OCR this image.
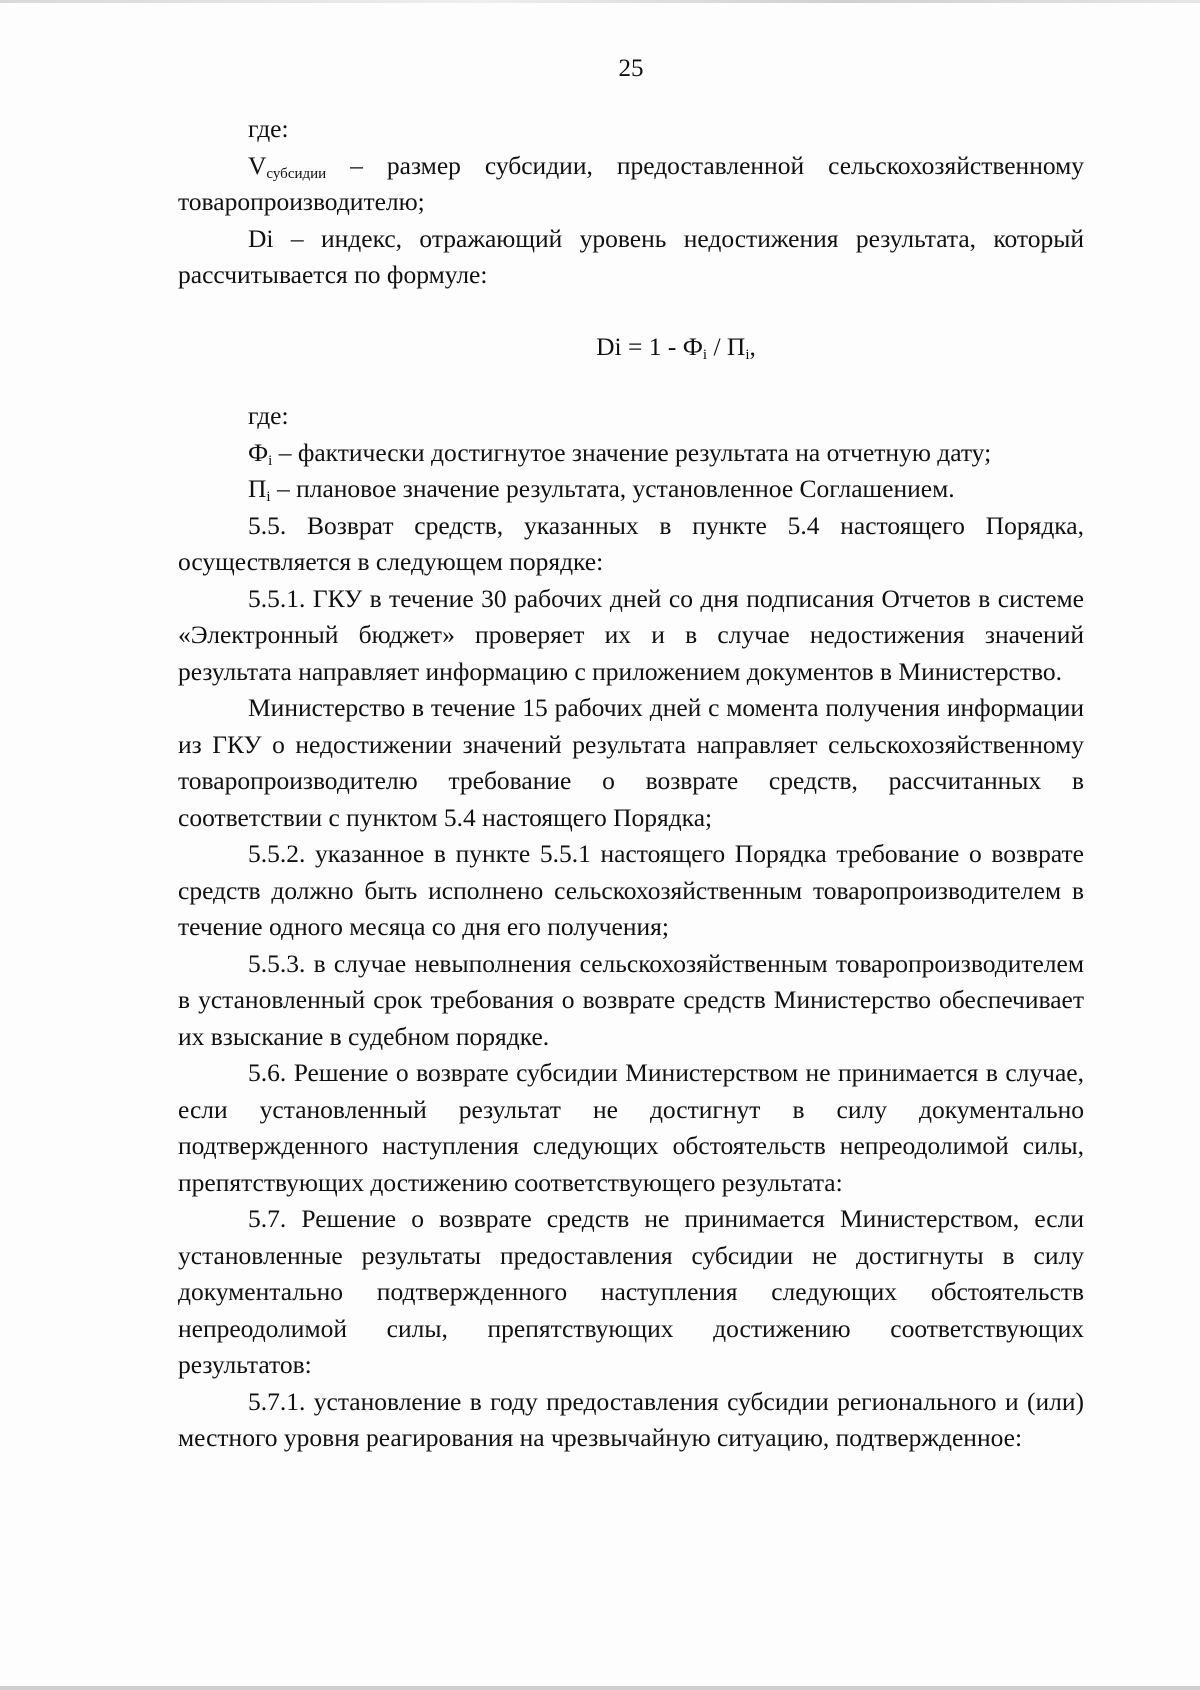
25

где:

$V_{субсидии}$ – размер субсидии, предоставленной сельскохозяйственному товаропроизводителю;

Di – индекс, отражающий уровень недостижения результата, который рассчитывается по формуле:

$Di = 1 - Ф_i / П_i$,

где:

$Ф_i$ – фактически достигнутое значение результата на отчетную дату;

$П_i$ – плановое значение результата, установленное Соглашением.

5.5. Возврат средств, указанных в пункте 5.4 настоящего Порядка, осуществляется в следующем порядке:

5.5.1. ГКУ в течение 30 рабочих дней со дня подписания Отчетов в системе «Электронный бюджет» проверяет их и в случае недостижения значений результата направляет информацию с приложением документов в Министерство.

Министерство в течение 15 рабочих дней с момента получения информации из ГКУ о недостижении значений результата направляет сельскохозяйственному товаропроизводителю требование о возврате средств, рассчитанных в соответствии с пунктом 5.4 настоящего Порядка;

5.5.2. указанное в пункте 5.5.1 настоящего Порядка требование о возврате средств должно быть исполнено сельскохозяйственным товаропроизводителем в течение одного месяца со дня его получения;

5.5.3. в случае невыполнения сельскохозяйственным товаропроизводителем в установленный срок требования о возврате средств Министерство обеспечивает их взыскание в судебном порядке.

5.6. Решение о возврате субсидии Министерством не принимается в случае, если установленный результат не достигнут в силу документально подтвержденного наступления следующих обстоятельств непреодолимой силы, препятствующих достижению соответствующего результата:

5.7. Решение о возврате средств не принимается Министерством, если установленные результаты предоставления субсидии не достигнуты в силу документально подтвержденного наступления следующих обстоятельств непреодолимой силы, препятствующих достижению соответствующих результатов:

5.7.1. установление в году предоставления субсидии регионального и (или) местного уровня реагирования на чрезвычайную ситуацию, подтвержденное:
